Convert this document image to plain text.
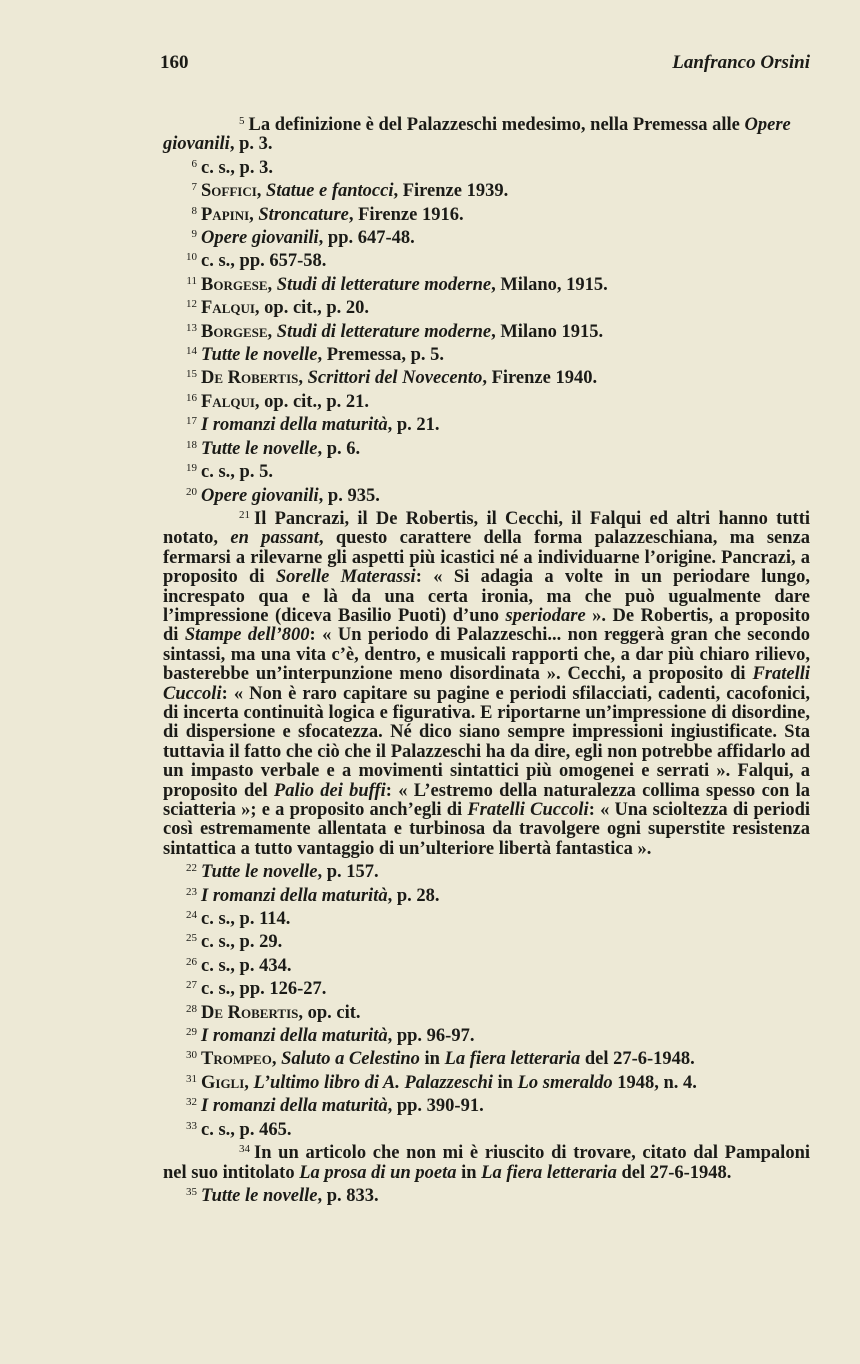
160	Lanfranco Orsini

5 La definizione è del Palazzeschi medesimo, nella Premessa alle Opere giovanili, p. 3.

6 c. s., p. 3.

7 Soffici, Statue e fantocci, Firenze 1939.

8 Papini, Stroncature, Firenze 1916.

9 Opere giovanili, pp. 647-48.

10 c. s., pp. 657-58.

11 Borgese, Studi di letterature moderne, Milano, 1915.

12 Falqui, op. cit., p. 20.

13 Borgese, Studi di letterature moderne, Milano 1915.

14 Tutte le novelle, Premessa, p. 5.

15 De Robertis, Scrittori del Novecento, Firenze 1940.

16 Falqui, op. cit., p. 21.

17 I romanzi della maturità, p. 21.

18 Tutte le novelle, p. 6.

19 c. s., p. 5.

20 Opere giovanili, p. 935.

21 Il Pancrazi, il De Robertis, il Cecchi, il Falqui ed altri hanno tutti notato, en passant, questo carattere della forma palazzeschiana, ma senza fermarsi a rilevarne gli aspetti più icastici né a individuarne l’origine. Pancrazi, a proposito di Sorelle Materassi: « Si adagia a volte in un periodare lungo, increspato qua e là da una certa ironia, ma che può ugualmente dare l’impressione (diceva Basilio Puoti) d’uno speriodare ». De Robertis, a proposito di Stampe dell’800: « Un periodo di Palazzeschi... non reggerà gran che secondo sintassi, ma una vita c’è, dentro, e musicali rapporti che, a dar più chiaro rilievo, basterebbe un’interpunzione meno disordinata ». Cecchi, a proposito di Fratelli Cuccoli: « Non è raro capitare su pagine e periodi sfilacciati, cadenti, cacofonici, di incerta continuità logica e figurativa. E riportarne un’impressione di disordine, di dispersione e sfocatezza. Né dico siano sempre impressioni ingiustificate. Sta tuttavia il fatto che ciò che il Palazzeschi ha da dire, egli non potrebbe affidarlo ad un impasto verbale e a movimenti sintattici più omogenei e serrati ». Falqui, a proposito del Palio dei buffi: « L’estremo della naturalezza collima spesso con la sciatteria »; e a proposito anch’egli di Fratelli Cuccoli: « Una scioltezza di periodi così estremamente allentata e turbinosa da travolgere ogni superstite resistenza sintattica a tutto vantaggio di un’ulteriore libertà fantastica ».

22 Tutte le novelle, p. 157.

23 I romanzi della maturità, p. 28.

24 c. s., p. 114.

25 c. s., p. 29.

26 c. s., p. 434.

27 c. s., pp. 126-27.

28 De Robertis, op. cit.

29 I romanzi della maturità, pp. 96-97.

30 Trompeo, Saluto a Celestino in La fiera letteraria del 27-6-1948.

31 Gigli, L’ultimo libro di A. Palazzeschi in Lo smeraldo 1948, n. 4.

32 I romanzi della maturità, pp. 390-91.

33 c. s., p. 465.

34 In un articolo che non mi è riuscito di trovare, citato dal Pampaloni nel suo intitolato La prosa di un poeta in La fiera letteraria del 27-6-1948.

35 Tutte le novelle, p. 833.
